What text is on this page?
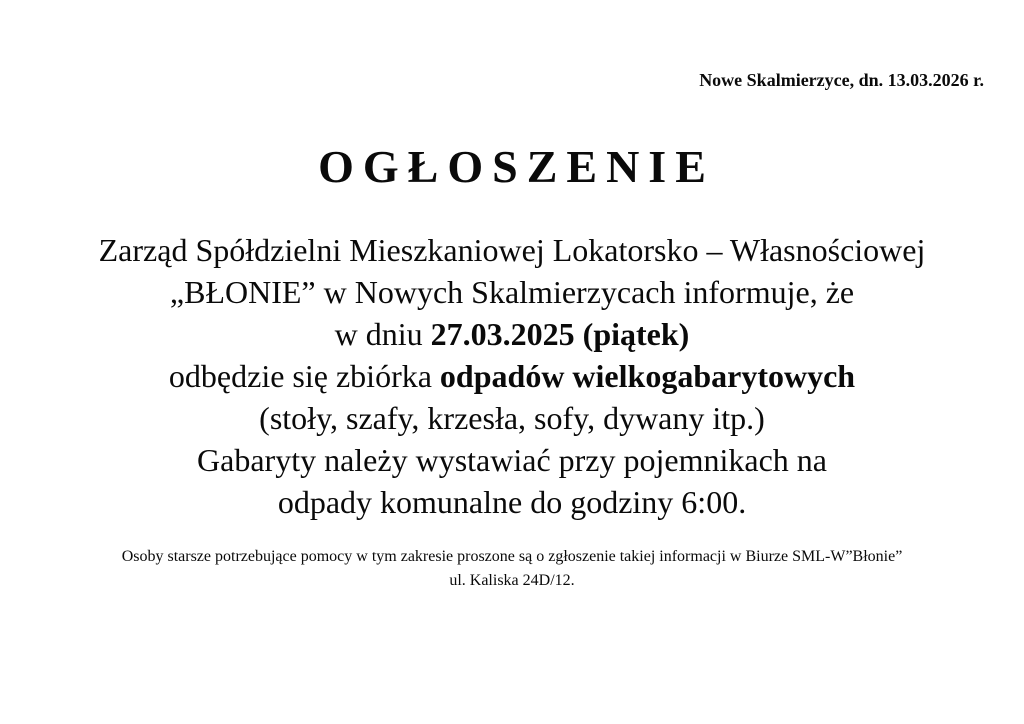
Nowe Skalmierzyce, dn. 13.03.2026 r.
OGŁOSZENIE
Zarząd Spółdzielni Mieszkaniowej Lokatorsko – Własnościowej
„BŁONIE” w Nowych Skalmierzycach informuje, że
w dniu 27.03.2025 (piątek)
odbędzie się zbiórka odpadów wielkogabarytowych
(stoły, szafy, krzesła, sofy, dywany itp.)
Gabaryty należy wystawiać przy pojemnikach na
odpady komunalne do godziny 6:00.
Osoby starsze potrzebujące pomocy w tym zakresie proszone są o zgłoszenie takiej informacji w Biurze SML-W”Błonie”
ul. Kaliska 24D/12.
